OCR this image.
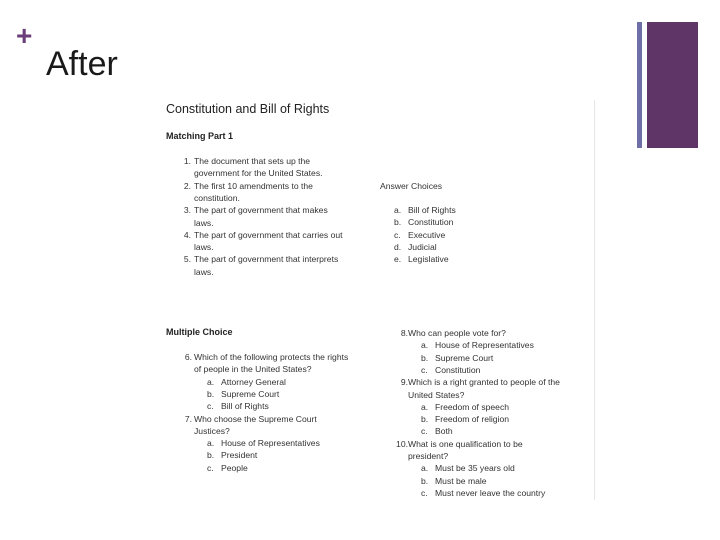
+
After
Constitution and Bill of Rights
Matching Part 1
Answer Choices
Multiple Choice
1. The document that sets up the
government for the United States.
2. The first 10 amendments to the
constitution.
3. The part of government that makes
laws.
4. The part of government that carries out
laws.
5. The part of government that interprets
laws.
a. Bill of Rights
b. Constitution
c. Executive
d. Judicial
e. Legislative
6. Which of the following protects the rights
of people in the United States?
a. Attorney General
b. Supreme Court
c. Bill of Rights
7. Who choose the Supreme Court
Justices?
a. House of Representatives
b. President
c. People
8. Who can people vote for?
a. House of Representatives
b. Supreme Court
c. Constitution
9. Which is a right granted to people of the
United States?
a. Freedom of speech
b. Freedom of religion
c. Both
10. What is one qualification to be
president?
a. Must be 35 years old
b. Must be male
c. Must never leave the country
